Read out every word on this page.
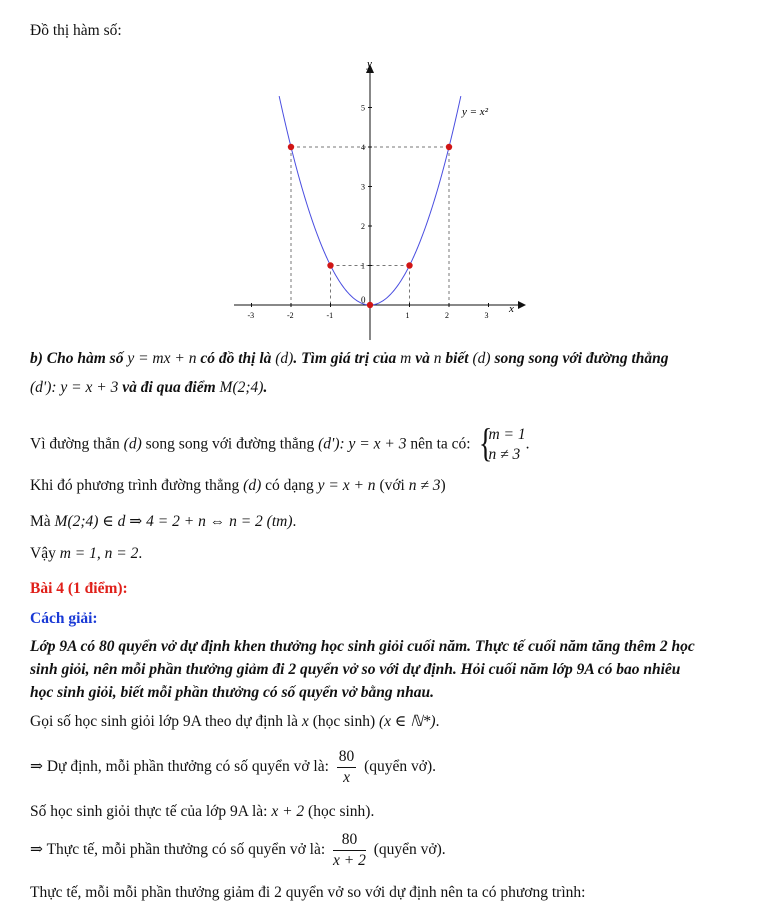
Đồ thị hàm số:
y
x
0
-3	-2	-1	1	2	3
1
2
3
4
5	y = x²
b) Cho hàm số y = mx + n có đồ thị là (d). Tìm giá trị của m và n biết (d) song song với đường thẳng
(d'): y = x + 3 và đi qua điểm M(2;4).
Vì đường thẳn (d) song song với đường thẳng (d'): y = x + 3 nên ta có:
{ m = 1
n ≠ 3
.
Khi đó phương trình đường thẳng (d) có dạng y = x + n (với n ≠ 3)
Mà M(2;4) ∈ d ⇒ 4 = 2 + n ⇔ n = 2 (tm).
Vậy m = 1, n = 2.
Bài 4 (1 điểm):
Cách giải:
Lớp 9A có 80 quyển vở dự định khen thưởng học sinh giỏi cuối năm. Thực tế cuối năm tăng thêm 2 học
sinh giỏi, nên mỗi phần thưởng giảm đi 2 quyển vở so với dự định. Hỏi cuối năm lớp 9A có bao nhiêu
học sinh giỏi, biết mỗi phần thưởng có số quyển vở bằng nhau.
Gọi số học sinh giỏi lớp 9A theo dự định là x (học sinh) (x ∈ ℕ*).
⇒ Dự định, mỗi phần thưởng có số quyển vở là: $\frac{80}{x}$ (quyển vở).
Số học sinh giỏi thực tế của lớp 9A là: x + 2 (học sinh).
⇒ Thực tế, mỗi phần thưởng có số quyển vở là: $\frac{80}{x + 2}$ (quyển vở).
Thực tế, mỗi mỗi phần thưởng giảm đi 2 quyển vở so với dự định nên ta có phương trình:
